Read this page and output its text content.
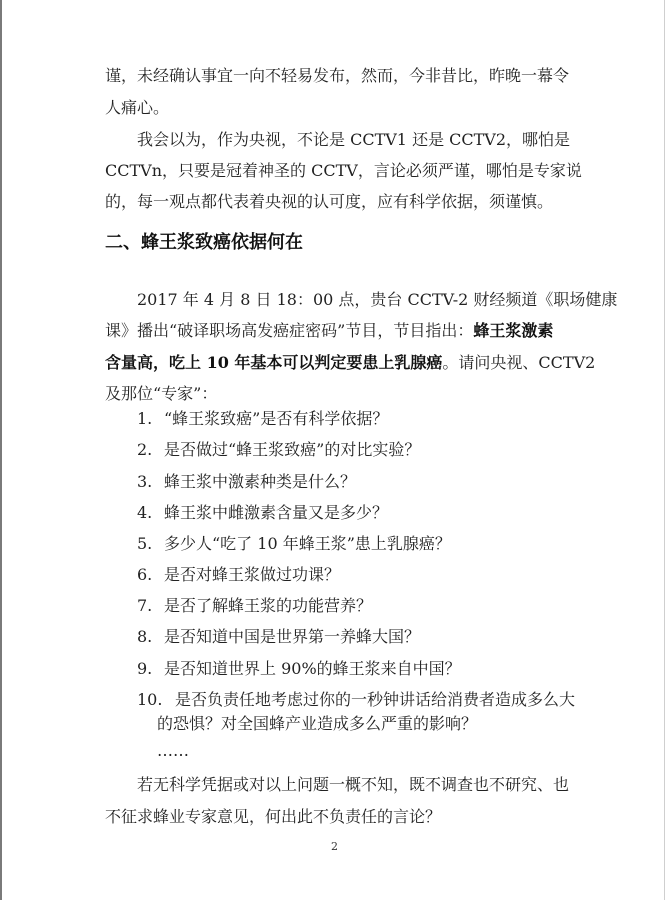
谨，未经确认事宜一向不轻易发布，然而，今非昔比，昨晚一幕令
人痛心。
我会以为，作为央视，不论是 CCTV1 还是 CCTV2，哪怕是
CCTVn，只要是冠着神圣的 CCTV，言论必须严谨，哪怕是专家说
的，每一观点都代表着央视的认可度，应有科学依据，须谨慎。
二、蜂王浆致癌依据何在
2017 年 4 月 8 日 18：00 点，贵台 CCTV-2 财经频道《职场健康
课》播出“破译职场高发癌症密码”节目，节目指出：蜂王浆激素
含量高，吃上 10 年基本可以判定要患上乳腺癌。请问央视、CCTV2
及那位“专家”：
1. “蜂王浆致癌”是否有科学依据？
2. 是否做过“蜂王浆致癌”的对比实验？
3. 蜂王浆中激素种类是什么？
4. 蜂王浆中雌激素含量又是多少？
5. 多少人“吃了 10 年蜂王浆”患上乳腺癌？
6. 是否对蜂王浆做过功课？
7. 是否了解蜂王浆的功能营养？
8. 是否知道中国是世界第一养蜂大国？
9. 是否知道世界上 90%的蜂王浆来自中国？
10. 是否负责任地考虑过你的一秒钟讲话给消费者造成多么大
的恐惧？对全国蜂产业造成多么严重的影响？
……
若无科学凭据或对以上问题一概不知，既不调查也不研究、也
不征求蜂业专家意见，何出此不负责任的言论？
2
